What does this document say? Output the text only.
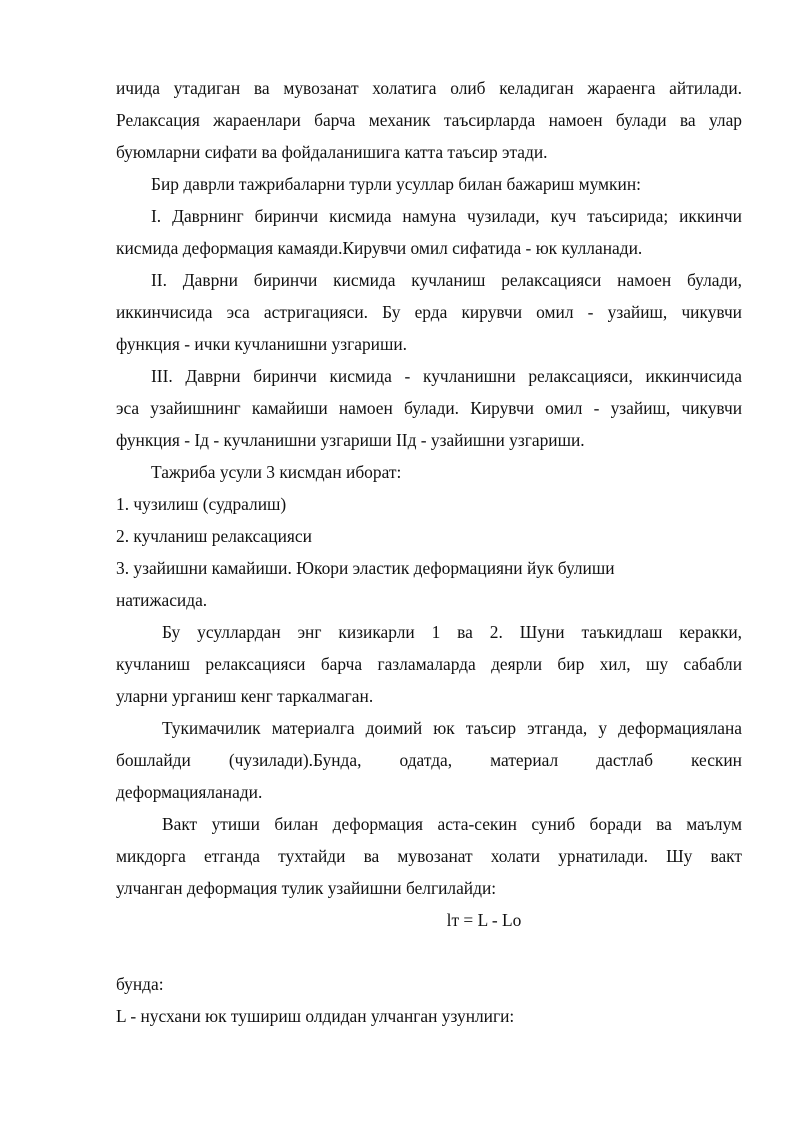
ичида утадиган ва мувозанат холатига олиб келадиган жараенга айтилади.
Релаксация жараенлари барча механик таъсирларда намоен булади ва улар
буюмларни сифати ва фойдаланишига катта таъсир этади.
Бир даврли тажрибаларни турли усуллар билан бажариш мумкин:
I. Даврнинг биринчи кисмида намуна чузилади, куч таъсирида; иккинчи
кисмида деформация камаяди.Кирувчи омил сифатида - юк кулланади.
II. Даврни биринчи кисмида кучланиш релаксацияси намоен булади,
иккинчисида эса астригацияси. Бу ерда кирувчи омил - узайиш, чикувчи
функция - ички кучланишни узгариши.
III. Даврни биринчи кисмида - кучланишни релаксацияси, иккинчисида
эса узайишнинг камайиши намоен булади. Кирувчи омил - узайиш, чикувчи
функция - Iд - кучланишни узгариши IIд - узайишни узгариши.
Тажриба усули 3 кисмдан иборат:
1. чузилиш (судралиш)
2. кучланиш релаксацияси
3. узайишни камайиши. Юкори эластик деформацияни йук булиши
натижасида.
Бу усуллардан энг кизикарли 1 ва 2. Шуни таъкидлаш керакки,
кучланиш релаксацияси барча газламаларда деярли бир хил, шу сабабли
уларни урганиш кенг таркалмаган.
Тукимачилик материалга доимий юк таъсир этганда, у деформациялана
бошлайди (чузилади).Бунда, одатда, материал дастлаб кескин
деформацияланади.
Вакт утиши билан деформация аста-секин суниб боради ва маълум
микдорга етганда тухтайди ва мувозанат холати урнатилади. Шу вакт
улчанган деформация тулик узайишни белгилайди:
lт = L - Lo
бунда:
L - нусхани юк тушириш олдидан улчанган узунлиги:
